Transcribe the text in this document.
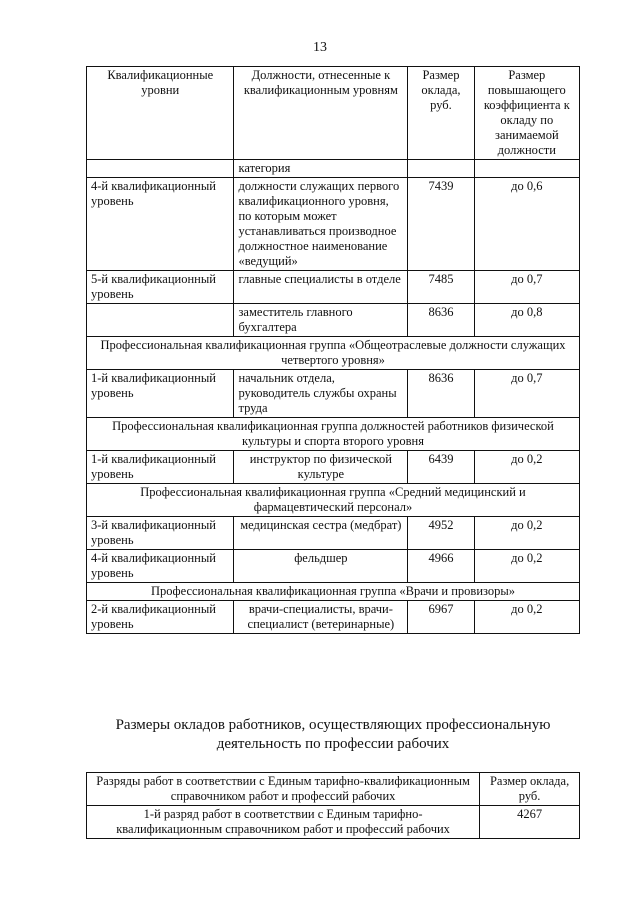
13
Квалификационные уровни	Должности, отнесенные к квалификационным уровням	Размер оклада, руб.	Размер повышающего коэффициента к окладу по занимаемой должности
	категория		
4-й квалификационный уровень	должности служащих первого квалификационного уровня, по которым может устанавливаться производное должностное наименование «ведущий»	7439	до 0,6
5-й квалификационный уровень	главные специалисты в отделе	7485	до 0,7
	заместитель главного бухгалтера	8636	до 0,8
Профессиональная квалификационная группа «Общеотраслевые должности служащих четвертого уровня»			
1-й квалификационный уровень	начальник отдела, руководитель службы охраны труда	8636	до 0,7
Профессиональная квалификационная группа должностей работников физической культуры и спорта второго уровня			
1-й квалификационный уровень	инструктор по физической культуре	6439	до 0,2
Профессиональная квалификационная группа «Средний медицинский и фармацевтический персонал»			
3-й квалификационный уровень	медицинская сестра (медбрат)	4952	до 0,2
4-й квалификационный уровень	фельдшер	4966	до 0,2
Профессиональная квалификационная группа «Врачи и провизоры»			
2-й квалификационный уровень	врачи-специалисты, врачи-специалист (ветеринарные)	6967	до 0,2
Размеры окладов работников, осуществляющих профессиональную деятельность по профессии рабочих
Разряды работ в соответствии с Единым тарифно-квалификационным справочником работ и профессий рабочих	Размер оклада, руб.
1-й разряд работ в соответствии с Единым тарифно-квалификационным справочником работ и профессий рабочих	4267
